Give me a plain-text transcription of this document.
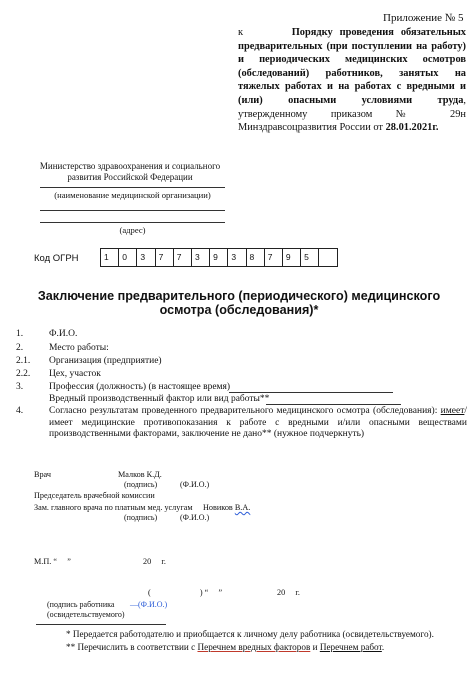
Приложение № 5
к	Порядку проведения обязательных предварительных (при поступлении на работу) и периодических медицинских осмотров (обследований) работников, занятых на тяжелых работах и на работах с вредными и (или) опасными условиями труда, утвержденному приказом № 29н Минздравсоцразвития России от 28.01.2021г.
Министерство здравоохранения и социального развития Российской Федерации
(наименование медицинской организации)
(адрес)
Код ОГРН	1	0	3	7	7	3	9	3	8	7	9	5
Заключение предварительного (периодического) медицинского осмотра (обследования)*
1.	Ф.И.О.
2.	Место работы:
2.1. Организация (предприятие)
2.2. Цех, участок
3.	Профессия (должность) (в настоящее время)
Вредный производственный фактор или вид работы**
4.	Согласно результатам проведенного предварительного медицинского осмотра (обследования): имеет/имеет медицинские противопоказания к работе с вредными и/или опасными веществами производственными факторами, заключение не дано** (нужное подчеркнуть)
Врач	Малков К.Д.
(подпись)	(Ф.И.О.)
Председатель врачебной комиссии
Зам. главного врача по платным мед. услугам Новиков В.А.
(подпись)	(Ф.И.О.)
М.П. “     ”	20     г.
(                        ) “     ”	20     г.
(подпись работника —(Ф.И.О.)
(освидетельствуемого)
* Передается работодателю и приобщается к личному делу работника (освидетельствуемого).
** Перечислить в соответствии с Перечнем вредных факторов и Перечнем работ.
